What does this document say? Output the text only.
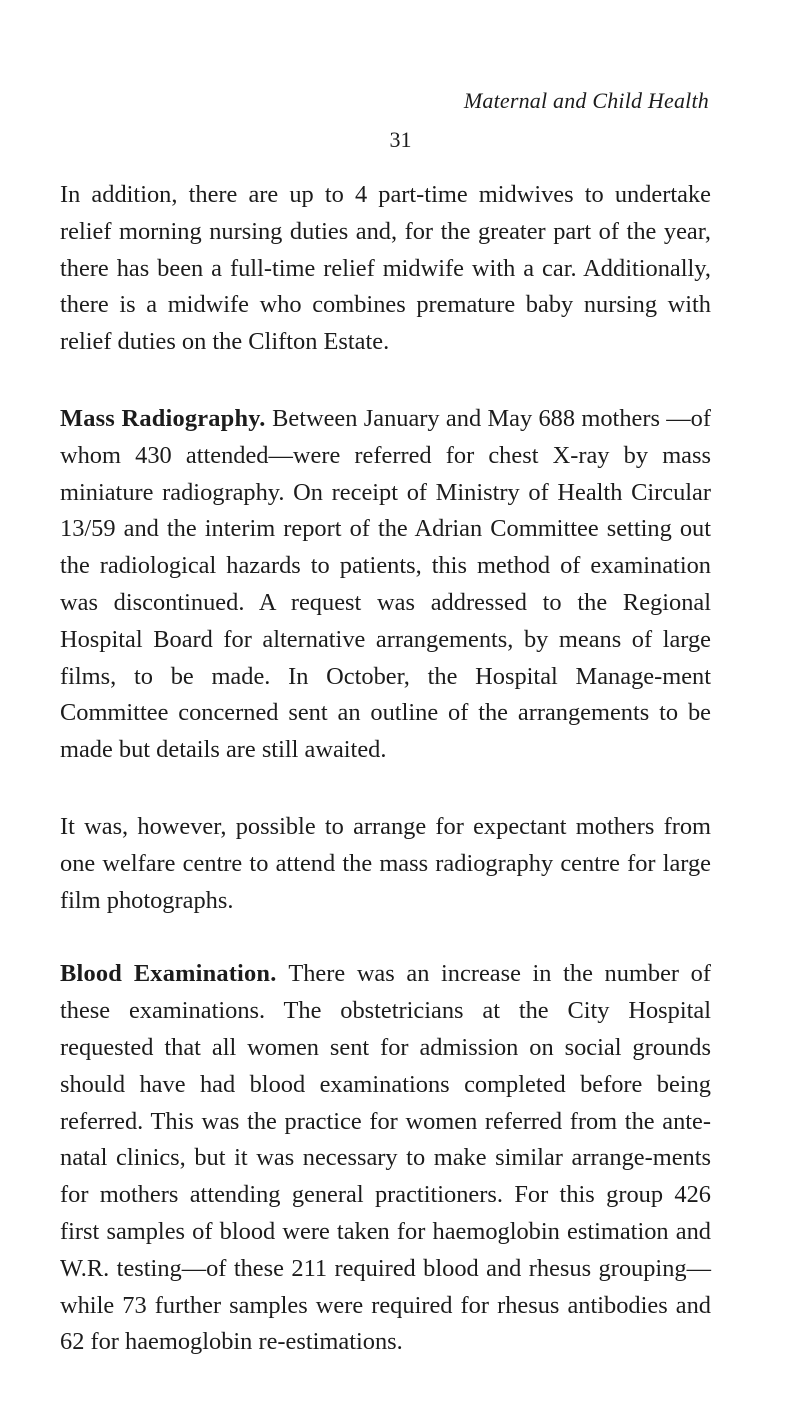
Maternal and Child Health
31

In addition, there are up to 4 part-time midwives to undertake relief morning nursing duties and, for the greater part of the year, there has been a full-time relief midwife with a car. Additionally, there is a midwife who combines premature baby nursing with relief duties on the Clifton Estate.

Mass Radiography. Between January and May 688 mothers —of whom 430 attended—were referred for chest X-ray by mass miniature radiography. On receipt of Ministry of Health Circular 13/59 and the interim report of the Adrian Committee setting out the radiological hazards to patients, this method of examination was discontinued. A request was addressed to the Regional Hospital Board for alternative arrangements, by means of large films, to be made. In October, the Hospital Manage-ment Committee concerned sent an outline of the arrangements to be made but details are still awaited.

It was, however, possible to arrange for expectant mothers from one welfare centre to attend the mass radiography centre for large film photographs.

Blood Examination. There was an increase in the number of these examinations. The obstetricians at the City Hospital requested that all women sent for admission on social grounds should have had blood examinations completed before being referred. This was the practice for women referred from the ante-natal clinics, but it was necessary to make similar arrange-ments for mothers attending general practitioners. For this group 426 first samples of blood were taken for haemoglobin estimation and W.R. testing—of these 211 required blood and rhesus grouping—while 73 further samples were required for rhesus antibodies and 62 for haemoglobin re-estimations.
